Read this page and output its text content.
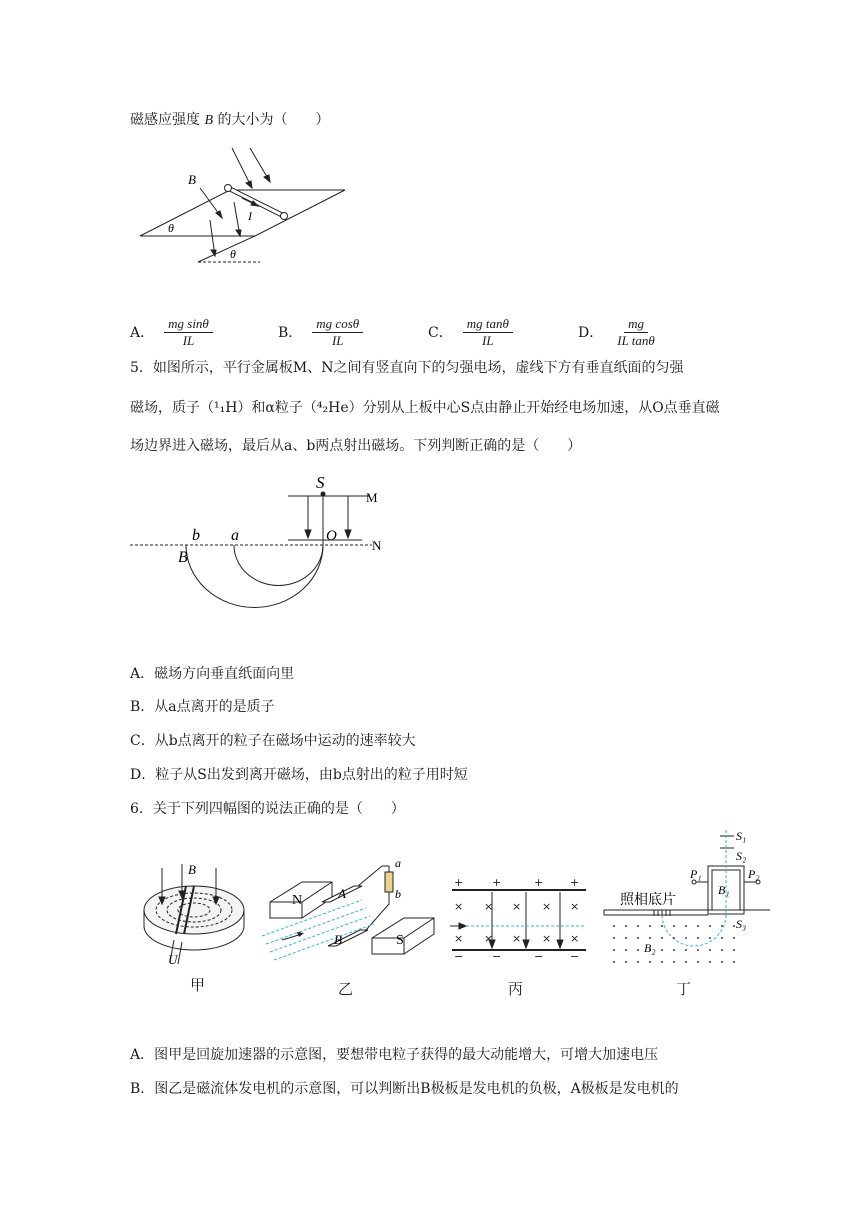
磁感应强度 B 的大小为（　　）
B
I
θ
θ
A． $\frac{\text{mg sinθ}}{IL}$	B． $\frac{\text{mg cosθ}}{IL}$	C． $\frac{\text{mg tanθ}}{IL}$	D． $\frac{mg}{\text{IL tanθ}}$
5．如图所示，平行金属板M、N之间有竖直向下的匀强电场，虚线下方有垂直纸面的匀强
磁场，质子（¹₁H）和α粒子（⁴₂He）分别从上板中心S点由静止开始经电场加速，从O点垂直磁
场边界进入磁场，最后从a、b两点射出磁场。下列判断正确的是（　　）
S
M
N
O
a
b
B
A．磁场方向垂直纸面向里
B．从a点离开的是质子
C．从b点离开的粒子在磁场中运动的速率较大
D．粒子从S出发到离开磁场，由b点射出的粒子用时短
6．关于下列四幅图的说法正确的是（　　）
B
U
甲
N
S
A
B
a
b
乙
+	+	+ +
−	−	− −
× × × × ×
× × × × ×
丙
照相底片
S₁
S₂
S₃
P₁	P₂
B₁
B₂
丁
A．图甲是回旋加速器的示意图，要想带电粒子获得的最大动能增大，可增大加速电压
B．图乙是磁流体发电机的示意图，可以判断出B极板是发电机的负极，A极板是发电机的
